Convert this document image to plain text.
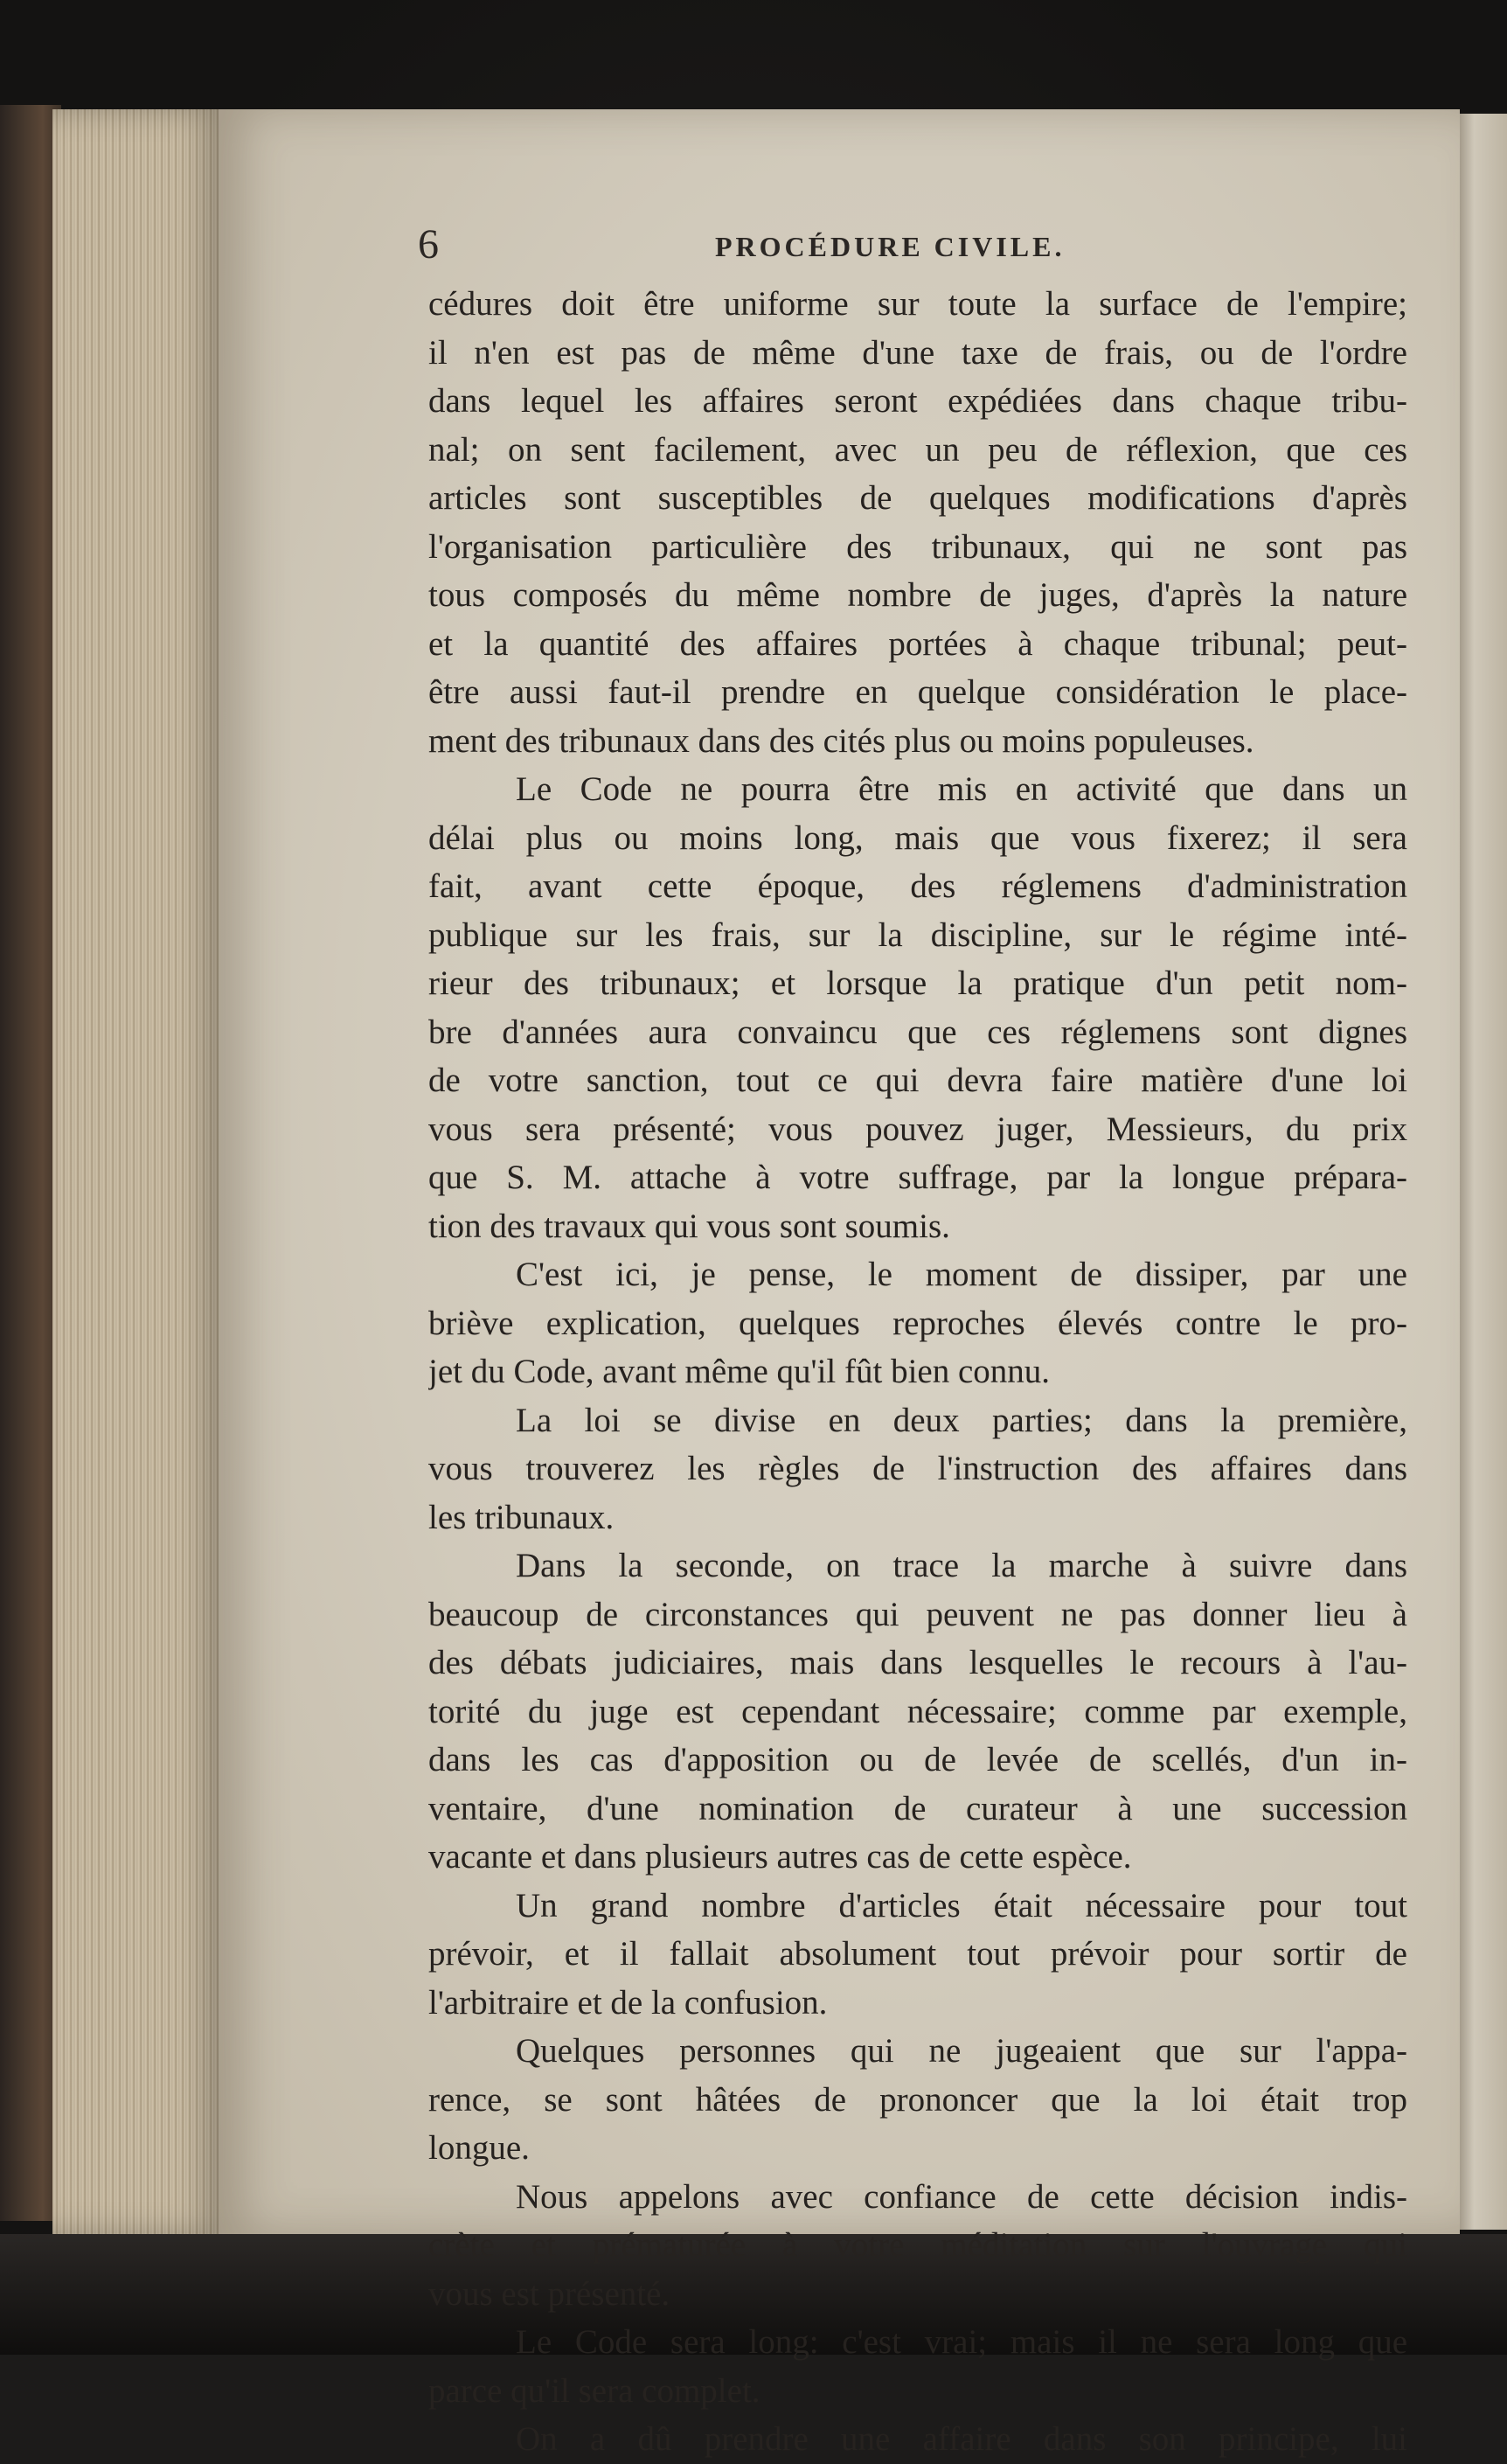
6	PROCÉDURE CIVILE.
cédures doit être uniforme sur toute la surface de l'empire;
il n'en est pas de même d'une taxe de frais, ou de l'ordre
dans lequel les affaires seront expédiées dans chaque tribu-
nal; on sent facilement, avec un peu de réflexion, que ces
articles sont susceptibles de quelques modifications d'après
l'organisation particulière des tribunaux, qui ne sont pas
tous composés du même nombre de juges, d'après la nature
et la quantité des affaires portées à chaque tribunal; peut-
être aussi faut-il prendre en quelque considération le place-
ment des tribunaux dans des cités plus ou moins populeuses.
Le Code ne pourra être mis en activité que dans un
délai plus ou moins long, mais que vous fixerez; il sera
fait, avant cette époque, des réglemens d'administration
publique sur les frais, sur la discipline, sur le régime inté-
rieur des tribunaux; et lorsque la pratique d'un petit nom-
bre d'années aura convaincu que ces réglemens sont dignes
de votre sanction, tout ce qui devra faire matière d'une loi
vous sera présenté; vous pouvez juger, Messieurs, du prix
que S. M. attache à votre suffrage, par la longue prépara-
tion des travaux qui vous sont soumis.
C'est ici, je pense, le moment de dissiper, par une
briève explication, quelques reproches élevés contre le pro-
jet du Code, avant même qu'il fût bien connu.
La loi se divise en deux parties; dans la première,
vous trouverez les règles de l'instruction des affaires dans
les tribunaux.
Dans la seconde, on trace la marche à suivre dans
beaucoup de circonstances qui peuvent ne pas donner lieu à
des débats judiciaires, mais dans lesquelles le recours à l'au-
torité du juge est cependant nécessaire; comme par exemple,
dans les cas d'apposition ou de levée de scellés, d'un in-
ventaire, d'une nomination de curateur à une succession
vacante et dans plusieurs autres cas de cette espèce.
Un grand nombre d'articles était nécessaire pour tout
prévoir, et il fallait absolument tout prévoir pour sortir de
l'arbitraire et de la confusion.
Quelques personnes qui ne jugeaient que sur l'appa-
rence, se sont hâtées de prononcer que la loi était trop
longue.
Nous appelons avec confiance de cette décision indis-
crète et prématurée à votre méditation sur l'ouvrage qui
vous est présenté.
Le Code sera long: c'est vrai; mais il ne sera long que
parce qu'il sera complet.
On a dû prendre une affaire dans son principe, lui
